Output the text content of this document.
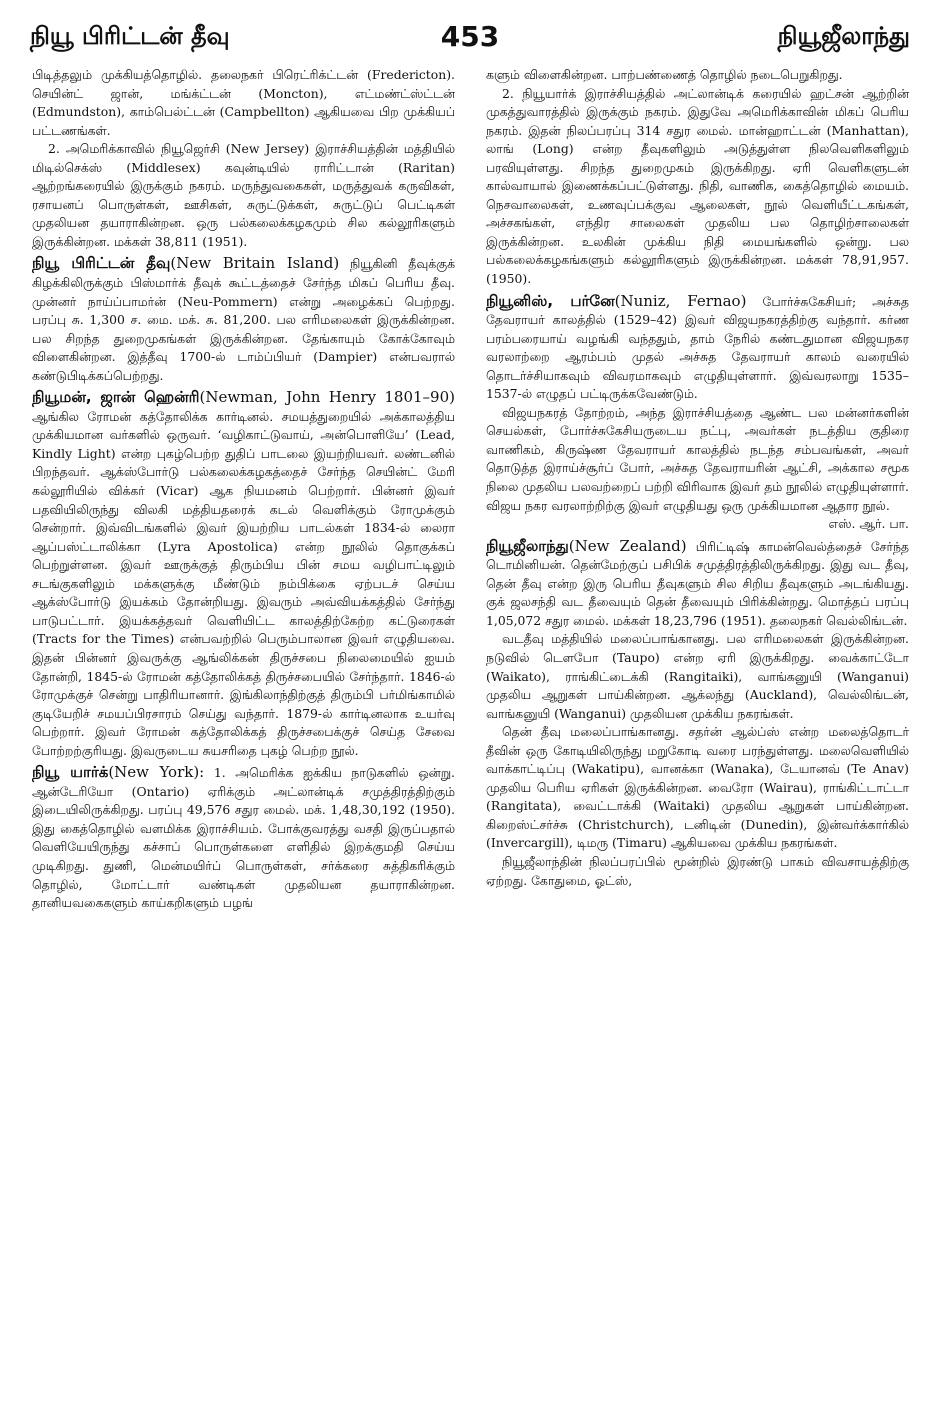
நியூ பிரிட்டன் தீவு	453	நியூஜீலாந்து

பிடித்தலும் முக்கியத்தொழில். தலைநகர் பிரெட்ரிக்ட்டன் (Fredericton). செயின்ட் ஜான், மங்க்ட்டன் (Moncton), எட்மண்ட்ஸ்ட்டன் (Edmundston), காம்பெல்ட்டன் (Campbellton) ஆகியவை பிற முக்கியப் பட்டணங்கள்.

2. அமெரிக்காவில் நியூஜெர்சி (New Jersey) இராச்சியத்தின் மத்தியில் மிடில்செக்ஸ் (Middlesex) கவுன்டியில் ராரிட்டான் (Raritan) ஆற்றங்கரையில் இருக்கும் நகரம். மருந்துவகைகள், மருத்துவக் கருவிகள், ரசாயனப் பொருள்கள், ஊசிகள், சுருட்டுக்கள், சுருட்டுப் பெட்டிகள் முதலியன தயாராகின்றன. ஒரு பல்கலைக்கழகமும் சில கல்லூரிகளும் இருக்கின்றன. மக்கள் 38,811 (1951).

நியூ பிரிட்டன் தீவு(New Britain Island) நியூகினி தீவுக்குக் கிழக்கிலிருக்கும் பிஸ்மார்க் தீவுக் கூட்டத்தைச் சேர்ந்த மிகப் பெரிய தீவு. முன்னர் நாய்ப்பாமர்ன் (Neu-Pommern) என்று அழைக்கப் பெற்றது. பரப்பு சு. 1,300 ச. மை. மக். சு. 81,200. பல எரிமலைகள் இருக்கின்றன. பல சிறந்த துறைமுகங்கள் இருக்கின்றன. தேங்காயும் கோக்கோவும் விளைகின்றன. இத்தீவு 1700-ல் டாம்ப்பியர் (Dampier) என்பவரால் கண்டுபிடிக்கப்பெற்றது.

நியூமன், ஜான் ஹென்ரி(Newman, John Henry 1801–90) ஆங்கில ரோமன் கத்தோலிக்க கார்டினல். சமயத்துறையில் அக்காலத்திய முக்கியமான வர்களில் ஒருவர். ‘வழிகாட்டுவாய், அன்பொளியே’ (Lead, Kindly Light) என்ற புகழ்பெற்ற துதிப் பாடலை இயற்றியவர். லண்டனில் பிறந்தவர். ஆக்ஸ்போர்டு பல்கலைக்கழகத்தைச் சேர்ந்த செயின்ட் மேரி கல்லூரியில் விக்கர் (Vicar) ஆக நியமனம் பெற்றார். பின்னர் இவர் பதவியிலிருந்து விலகி மத்தியதரைக் கடல் வெளிக்கும் ரோமுக்கும் சென்றார். இவ்விடங்களில் இவர் இயற்றிய பாடல்கள் 1834-ல் லைரா ஆப்பஸ்ட்டாலிக்கா (Lyra Apostolica) என்ற நூலில் தொகுக்கப் பெற்றுள்ளன. இவர் ஊருக்குத் திரும்பிய பின் சமய வழிபாட்டிலும் சடங்குகளிலும் மக்களுக்கு மீண்டும் நம்பிக்கை ஏற்படச் செய்ய ஆக்ஸ்போர்டு இயக்கம் தோன்றியது. இவரும் அவ்வியக்கத்தில் சேர்ந்து பாடுபட்டார். இயக்கத்தவர் வெளியிட்ட காலத்திற்கேற்ற கட்டுரைகள் (Tracts for the Times) என்பவற்றில் பெரும்பாலான இவர் எழுதியவை. இதன் பின்னர் இவருக்கு ஆங்லிக்கன் திருச்சபை நிலைமையில் ஐயம் தோன்றி, 1845-ல் ரோமன் கத்தோலிக்கத் திருச்சபையில் சேர்ந்தார். 1846-ல் ரோமுக்குச் சென்று பாதிரியானார். இங்கிலாந்திற்குத் திரும்பி பர்மிங்காமில் குடியேறிச் சமயப்பிரசாரம் செய்து வந்தார். 1879-ல் கார்டினலாக உயர்வு பெற்றார். இவர் ரோமன் கத்தோலிக்கத் திருச்சபைக்குச் செய்த சேவை போற்றற்குரியது. இவருடைய சுயசரிதை புகழ் பெற்ற நூல்.

நியூ யார்க்(New York): 1. அமெரிக்க ஐக்கிய நாடுகளில் ஒன்று. ஆன்டேரியோ (Ontario) ஏரிக்கும் அட்லான்டிக் சமுத்திரத்திற்கும் இடையிலிருக்கிறது. பரப்பு 49,576 சதுர மைல். மக். 1,48,30,192 (1950). இது கைத்தொழில் வளமிக்க இராச்சியம். போக்குவரத்து வசதி இருப்பதால் வெளியேயிருந்து கச்சாப் பொருள்களை எளிதில் இறக்குமதி செய்ய முடிகிறது. துணி, மென்மயிர்ப் பொருள்கள், சர்க்கரை சுத்திகரிக்கும் தொழில், மோட்டார் வண்டிகள் முதலியன தயாராகின்றன. தானியவகைகளும் காய்கறிகளும் பழங்

களும் விளைகின்றன. பாற்பண்ணைத் தொழில் நடைபெறுகிறது.

2. நியூயார்க் இராச்சியத்தில் அட்லான்டிக் கரையில் ஹட்சன் ஆற்றின் முகத்துவாரத்தில் இருக்கும் நகரம். இதுவே அமெரிக்காவின் மிகப் பெரிய நகரம். இதன் நிலப்பரப்பு 314 சதுர மைல். மான்ஹாட்டன் (Manhattan), லாங் (Long) என்ற தீவுகளிலும் அடுத்துள்ள நிலவெளிகளிலும் பரவியுள்ளது. சிறந்த துறைமுகம் இருக்கிறது. ஏரி வெளிகளுடன் கால்வாயால் இணைக்கப்பட்டுள்ளது. நிதி, வாணிக, கைத்தொழில் மையம். நெசவாலைகள், உணவுப்பக்குவ ஆலைகள், நூல் வெளியீட்டகங்கள், அச்சகங்கள், எந்திர சாலைகள் முதலிய பல தொழிற்சாலைகள் இருக்கின்றன. உலகின் முக்கிய நிதி மையங்களில் ஒன்று. பல பல்கலைக்கழகங்களும் கல்லூரிகளும் இருக்கின்றன. மக்கள் 78,91,957. (1950).

நியூனிஸ், பர்னே(Nuniz, Fernao) போர்ச்சுகேசியர்; அச்சுத தேவராயர் காலத்தில் (1529–42) இவர் விஜயநகரத்திற்கு வந்தார். கர்ண பரம்பரையாய் வழங்கி வந்ததும், தாம் நேரில் கண்டதுமான விஜயநகர வரலாற்றை ஆரம்பம் முதல் அச்சுத தேவராயர் காலம் வரையில் தொடர்ச்சியாகவும் விவரமாகவும் எழுதியுள்ளார். இவ்வரலாறு 1535–1537-ல் எழுதப் பட்டிருக்கவேண்டும்.

விஜயநகரத் தோற்றம், அந்த இராச்சியத்தை ஆண்ட பல மன்னர்களின் செயல்கள், போர்ச்சுகேசியருடைய நட்பு, அவர்கள் நடத்திய குதிரை வாணிகம், கிருஷ்ண தேவராயர் காலத்தில் நடந்த சம்பவங்கள், அவர் தொடுத்த இராய்ச்சூர்ப் போர், அச்சுத தேவராயரின் ஆட்சி, அக்கால சமூக நிலை முதலிய பலவற்றைப் பற்றி விரிவாக இவர் தம் நூலில் எழுதியுள்ளார். விஜய நகர வரலாற்றிற்கு இவர் எழுதியது ஒரு முக்கியமான ஆதார நூல்.
எஸ். ஆர். பா.

நியூஜீலாந்து(New Zealand) பிரிட்டிஷ் காமன்வெல்த்தைச் சேர்ந்த டொமினியன். தென்மேற்குப் பசிபிக் சமுத்திரத்திலிருக்கிறது. இது வட தீவு, தென் தீவு என்ற இரு பெரிய தீவுகளும் சில சிறிய தீவுகளும் அடங்கியது. குக் ஜலசந்தி வட தீவையும் தென் தீவையும் பிரிக்கின்றது. மொத்தப் பரப்பு 1,05,072 சதுர மைல். மக்கள் 18,23,796 (1951). தலைநகர் வெல்லிங்டன்.

வடதீவு மத்தியில் மலைப்பாங்கானது. பல எரிமலைகள் இருக்கின்றன. நடுவில் டௌபோ (Taupo) என்ற ஏரி இருக்கிறது. வைக்காட்டோ (Waikato), ராங்கிட்டைக்கி (Rangitaiki), வாங்கனுயி (Wanganui) முதலிய ஆறுகள் பாய்கின்றன. ஆக்லந்து (Auckland), வெல்லிங்டன், வாங்கனுயி (Wanganui) முதலியன முக்கிய நகரங்கள்.

தென் தீவு மலைப்பாங்கானது. சதர்ன் ஆல்ப்ஸ் என்ற மலைத்தொடர் தீவின் ஒரு கோடியிலிருந்து மறுகோடி வரை பரந்துள்ளது. மலைவெளியில் வாக்காட்டிப்பு (Wakatipu), வானக்கா (Wanaka), டேயானவ் (Te Anav) முதலிய பெரிய ஏரிகள் இருக்கின்றன. வைரோ (Wairau), ராங்கிட்டாட்டா (Rangitata), வைட்டாக்கி (Waitaki) முதலிய ஆறுகள் பாய்கின்றன. கிறைஸ்ட்சர்ச்சு (Christchurch), டனிடின் (Dunedin), இன்வர்க்கார்கில் (Invercargill), டிமரு (Timaru) ஆகியவை முக்கிய நகரங்கள்.

நியூஜீலாந்தின் நிலப்பரப்பில் மூன்றில் இரண்டு பாகம் விவசாயத்திற்கு ஏற்றது. கோதுமை, ஓட்ஸ்,
